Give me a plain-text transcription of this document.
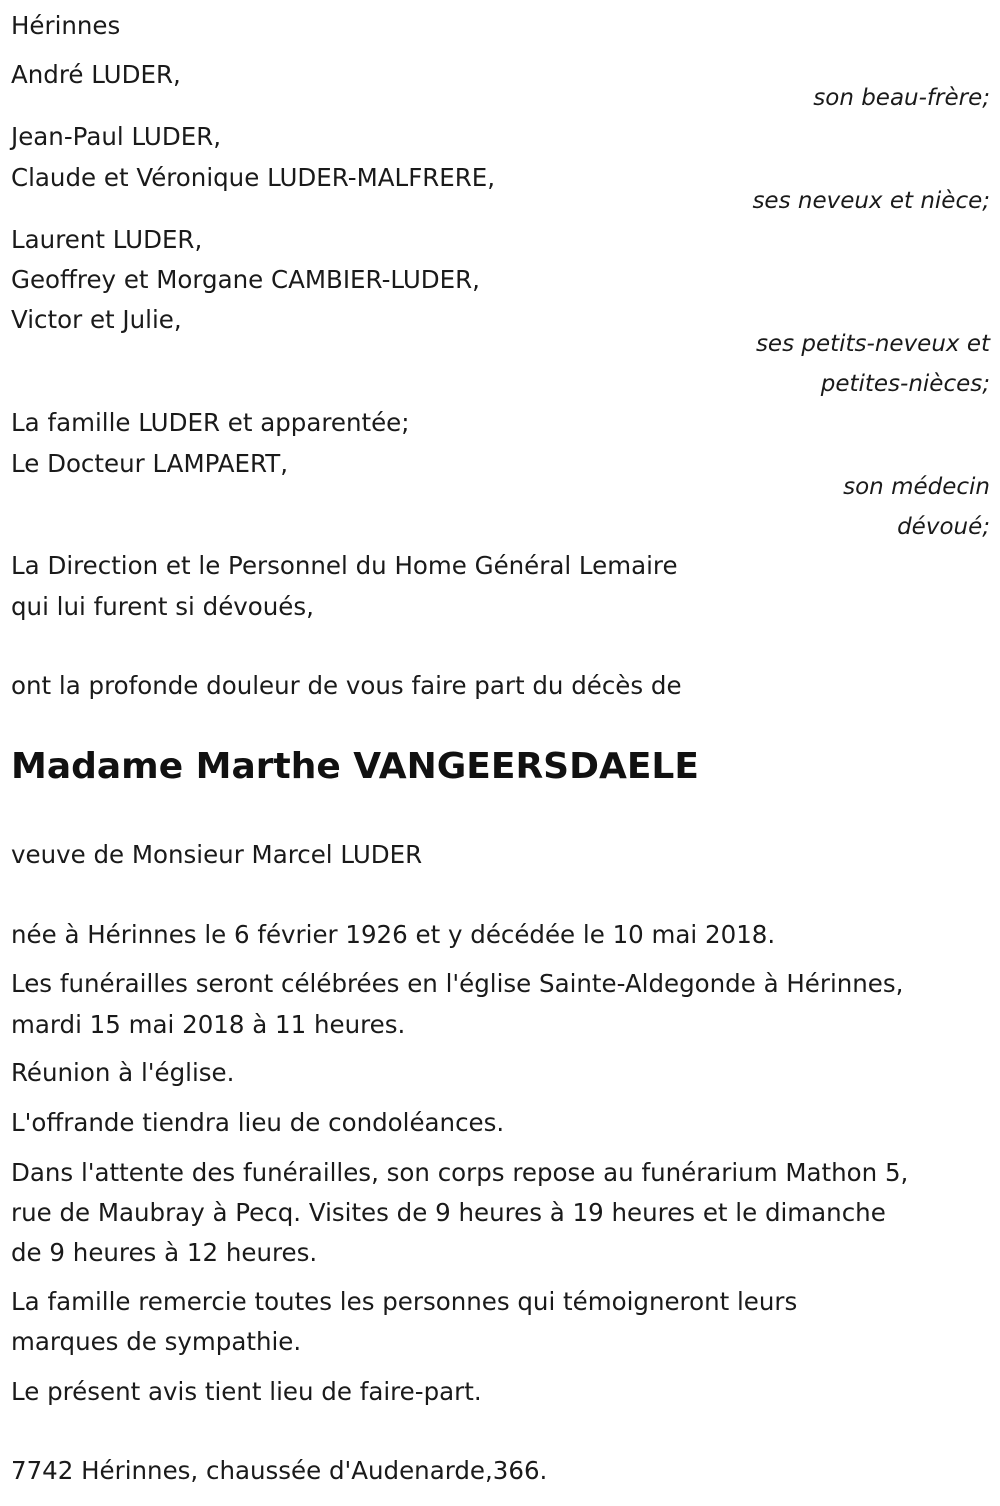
Hérinnes

André LUDER,

son beau-frère;

Jean-Paul LUDER,

Claude et Véronique LUDER-MALFRERE,

ses neveux et nièce;

Laurent LUDER,

Geoffrey et Morgane CAMBIER-LUDER,

Victor et Julie,

ses petits-neveux et

petites-nièces;

La famille LUDER et apparentée;

Le Docteur LAMPAERT,

son médecin

dévoué;

La Direction et le Personnel du Home Général Lemaire

qui lui furent si dévoués,

ont la profonde douleur de vous faire part du décès de

Madame Marthe VANGEERSDAELE

veuve de Monsieur Marcel LUDER

née à Hérinnes le 6 février 1926 et y décédée le 10 mai 2018.

Les funérailles seront célébrées en l'église Sainte-Aldegonde à Hérinnes,

mardi 15 mai 2018 à 11 heures.

Réunion à l'église.

L'offrande tiendra lieu de condoléances.

Dans l'attente des funérailles, son corps repose au funérarium Mathon 5,

rue de Maubray à Pecq. Visites de 9 heures à 19 heures et le dimanche

de 9 heures à 12 heures.

La famille remercie toutes les personnes qui témoigneront leurs

marques de sympathie.

Le présent avis tient lieu de faire-part.

7742 Hérinnes, chaussée d'Audenarde,366.
